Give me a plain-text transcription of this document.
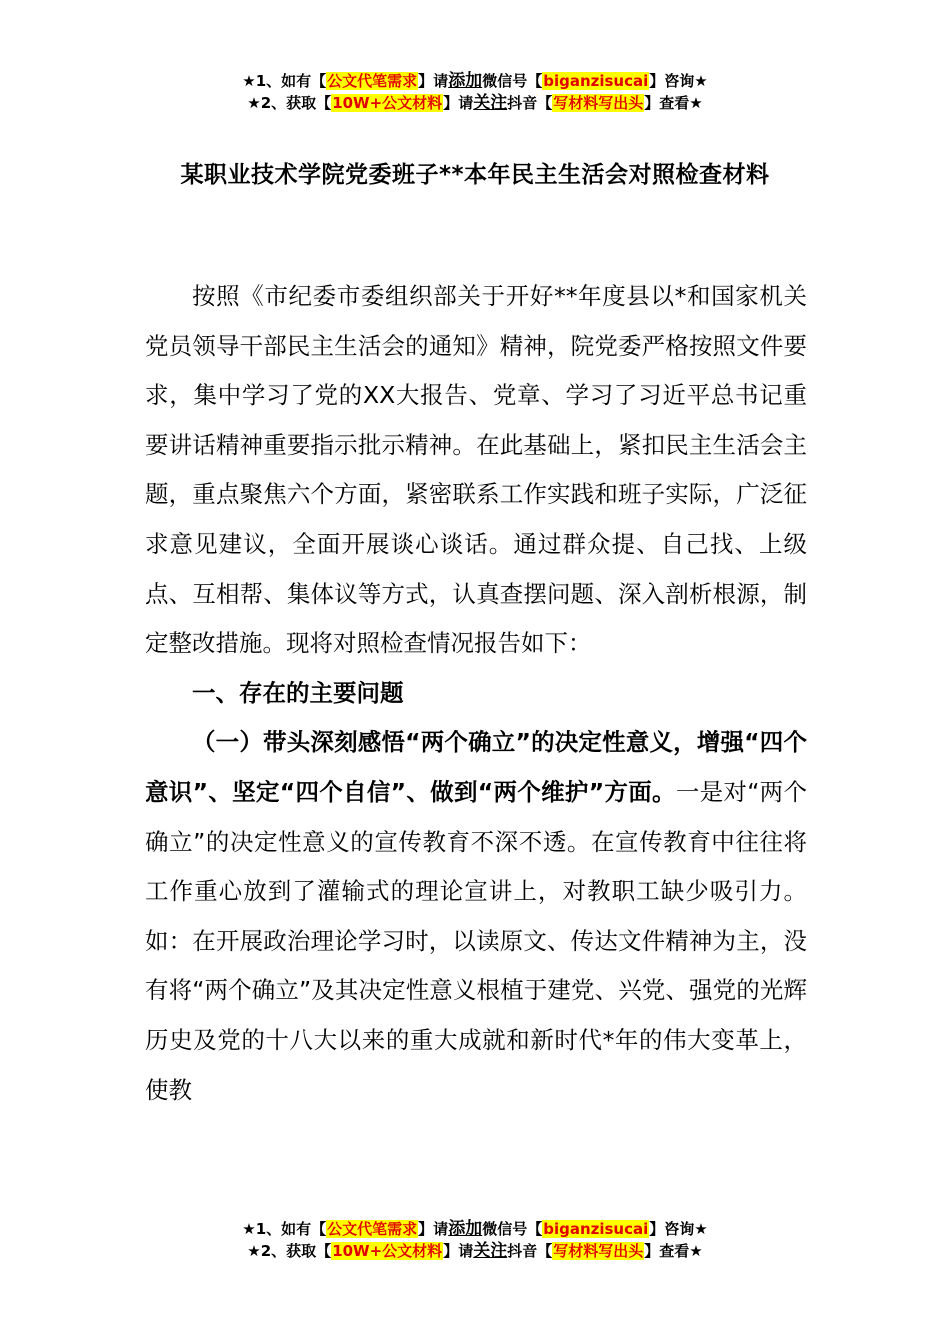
★1、如有【公文代笔需求】请添加微信号【biganzisucai】咨询★
★2、获取【10W+公文材料】请关注抖音【写材料写出头】查看★
某职业技术学院党委班子**本年民主生活会对照检查材料

按照《市纪委市委组织部关于开好**年度县以*和国家机关党员领导干部民主生活会的通知》精神，院党委严格按照文件要求，集中学习了党的XX大报告、党章、学习了习近平总书记重要讲话精神重要指示批示精神。在此基础上，紧扣民主生活会主题，重点聚焦六个方面，紧密联系工作实践和班子实际，广泛征求意见建议，全面开展谈心谈话。通过群众提、自己找、上级点、互相帮、集体议等方式，认真查摆问题、深入剖析根源，制定整改措施。现将对照检查情况报告如下：

一、存在的主要问题

（一）带头深刻感悟“两个确立”的决定性意义，增强“四个意识”、坚定“四个自信”、做到“两个维护”方面。一是对“两个确立”的决定性意义的宣传教育不深不透。在宣传教育中往往将工作重心放到了灌输式的理论宣讲上，对教职工缺少吸引力。如：在开展政治理论学习时，以读原文、传达文件精神为主，没有将“两个确立”及其决定性意义根植于建党、兴党、强党的光辉历史及党的十八大以来的重大成就和新时代*年的伟大变革上，使教

★1、如有【公文代笔需求】请添加微信号【biganzisucai】咨询★
★2、获取【10W+公文材料】请关注抖音【写材料写出头】查看★
